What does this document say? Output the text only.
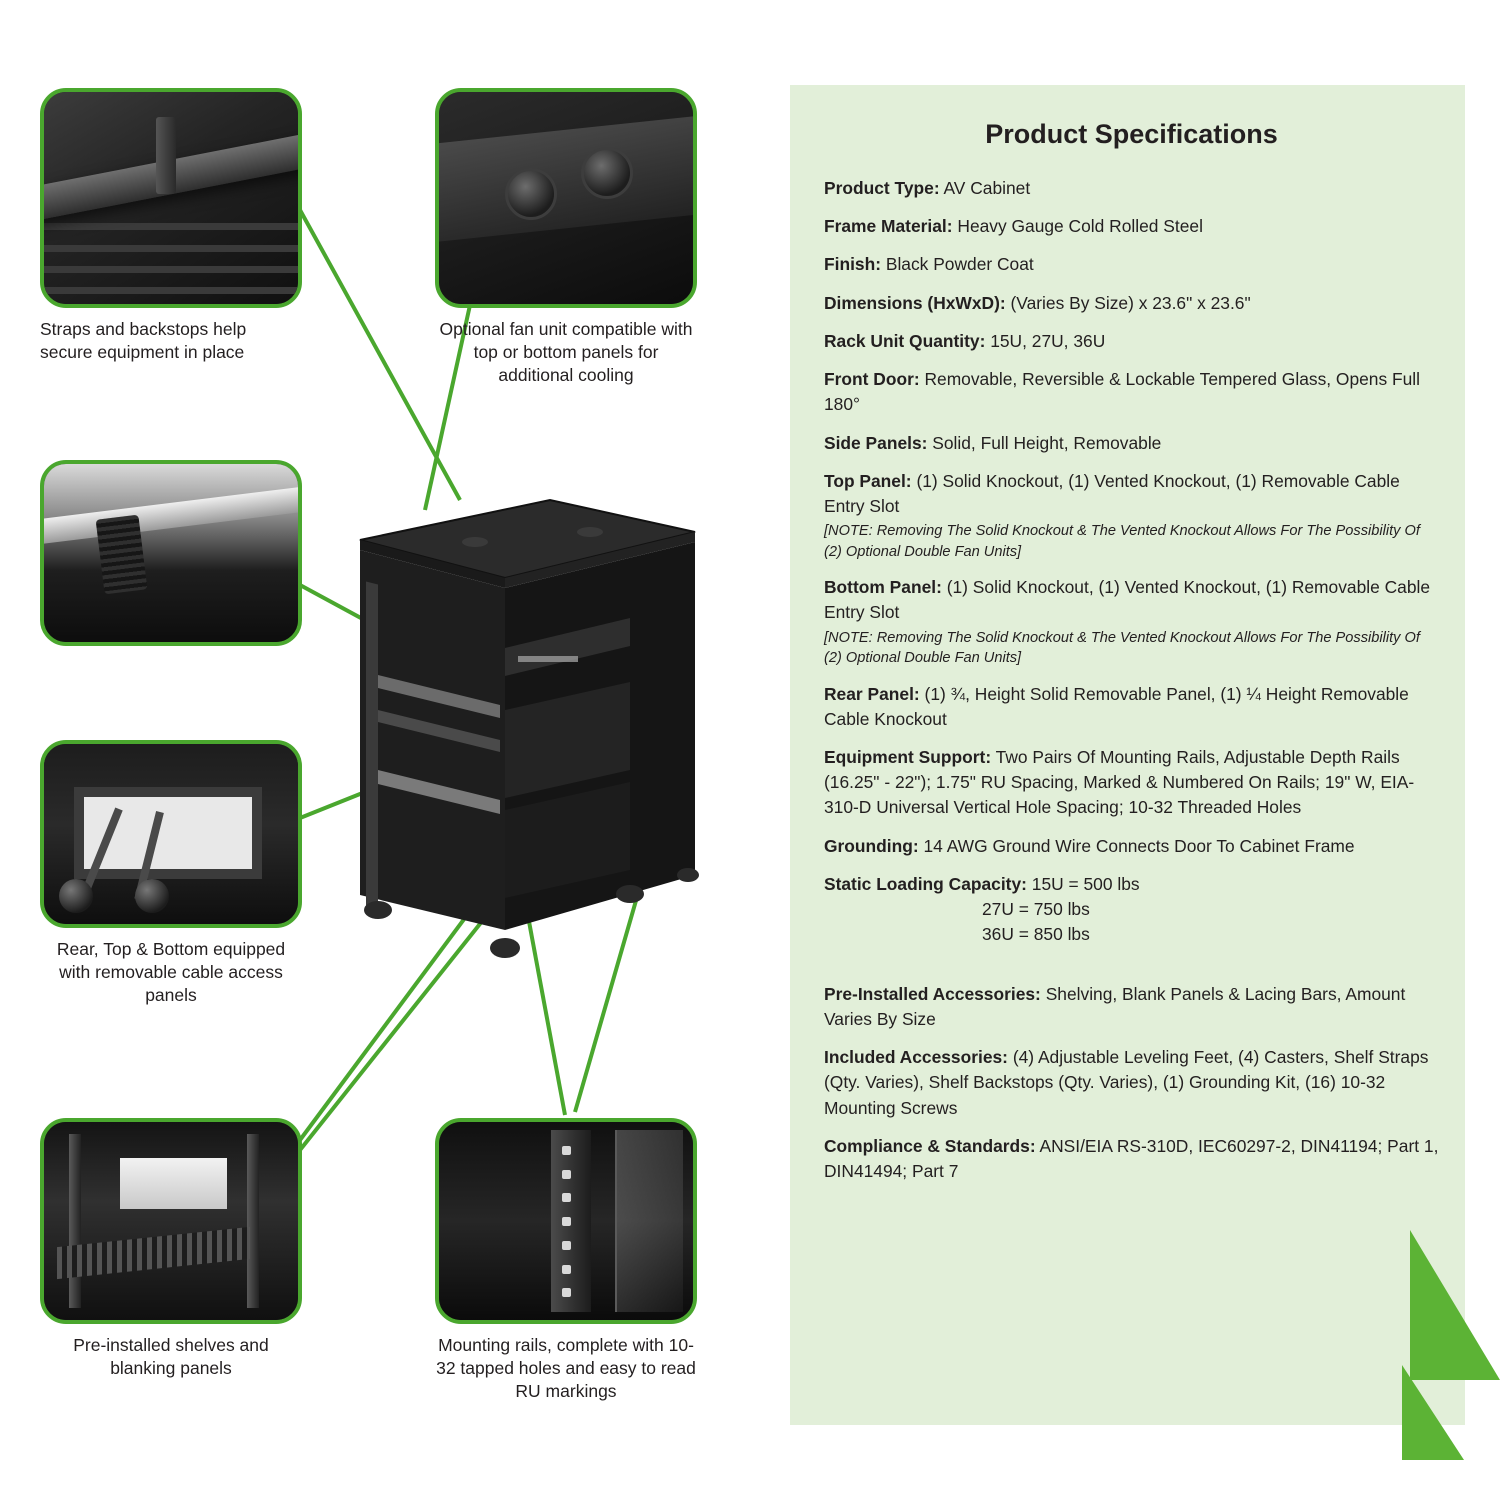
Straps and backstops help secure equipment in place
Optional fan unit compatible with top or bottom panels for additional cooling
Rear, Top & Bottom equipped with removable cable access panels
Pre-installed shelves and blanking panels
Mounting rails, complete with 10-32 tapped holes and easy to read RU markings
Product Specifications
Product Type: AV Cabinet
Frame Material: Heavy Gauge Cold Rolled Steel
Finish: Black Powder Coat
Dimensions (HxWxD): (Varies By Size) x 23.6" x 23.6"
Rack Unit Quantity: 15U, 27U, 36U
Front Door: Removable, Reversible & Lockable Tempered Glass, Opens Full 180°
Side Panels: Solid, Full Height, Removable
Top Panel: (1) Solid Knockout, (1) Vented Knockout, (1) Removable Cable Entry Slot
[NOTE: Removing The Solid Knockout & The Vented Knockout Allows For The Possibility Of (2) Optional Double Fan Units]
Bottom Panel: (1) Solid Knockout, (1) Vented Knockout, (1) Removable Cable Entry Slot
[NOTE: Removing The Solid Knockout & The Vented Knockout Allows For The Possibility Of (2) Optional Double Fan Units]
Rear Panel: (1) ¾, Height Solid Removable Panel, (1) ¼ Height Removable Cable Knockout
Equipment Support: Two Pairs Of Mounting Rails, Adjustable Depth Rails (16.25" - 22"); 1.75" RU Spacing, Marked & Numbered On Rails; 19" W, EIA-310-D Universal Vertical Hole Spacing; 10-32 Threaded Holes
Grounding: 14 AWG Ground Wire Connects Door To Cabinet Frame
Static Loading Capacity: 15U = 500 lbs
27U = 750 lbs
36U = 850 lbs
Pre-Installed Accessories: Shelving, Blank Panels & Lacing Bars, Amount Varies By Size
Included Accessories: (4) Adjustable Leveling Feet, (4) Casters, Shelf Straps (Qty. Varies), Shelf Backstops (Qty. Varies), (1) Grounding Kit, (16) 10-32 Mounting Screws
Compliance & Standards: ANSI/EIA RS-310D, IEC60297-2, DIN41194; Part 1, DIN41494; Part 7
